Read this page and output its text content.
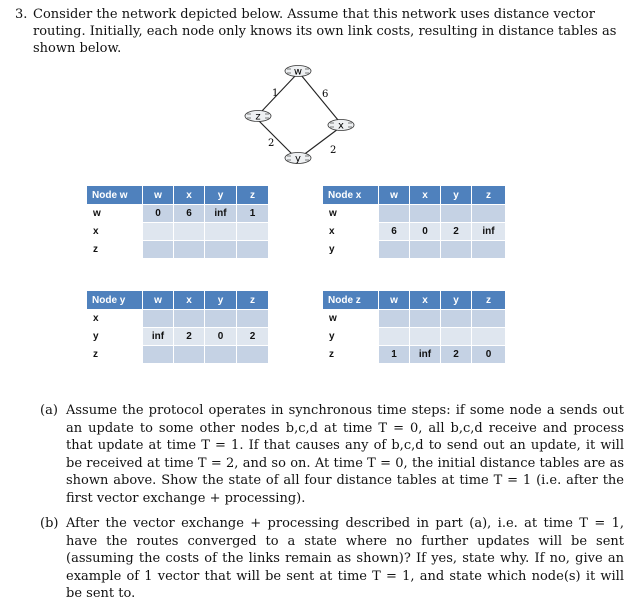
3. Consider the network depicted below. Assume that this network uses distance vector routing. Initially, each node only knows its own link costs, resulting in distance tables as shown below.
w
z
x
y
1	6
2
2
Node w	w	x	y	z
w	0	6	inf	1
x				
z				
Node x	w	x	y	z
w				
x	6	0	2	inf
y				
Node y	w	x	y	z
x				
y	inf	2	0	2
z				
Node z	w	x	y	z
w				
y				
z	1	inf	2	0
(a) Assume the protocol operates in synchronous time steps: if some node a sends out an update to some other nodes b,c,d at time T = 0, all b,c,d receive and process that update at time T = 1. If that causes any of b,c,d to send out an update, it will be received at time T = 2, and so on. At time T = 0, the initial distance tables are as shown above. Show the state of all four distance tables at time T = 1 (i.e. after the first vector exchange + processing).
(b) After the vector exchange + processing described in part (a), i.e. at time T = 1, have the routes converged to a state where no further updates will be sent (assuming the costs of the links remain as shown)? If yes, state why. If no, give an example of 1 vector that will be sent at time T = 1, and state which node(s) it will be sent to.
